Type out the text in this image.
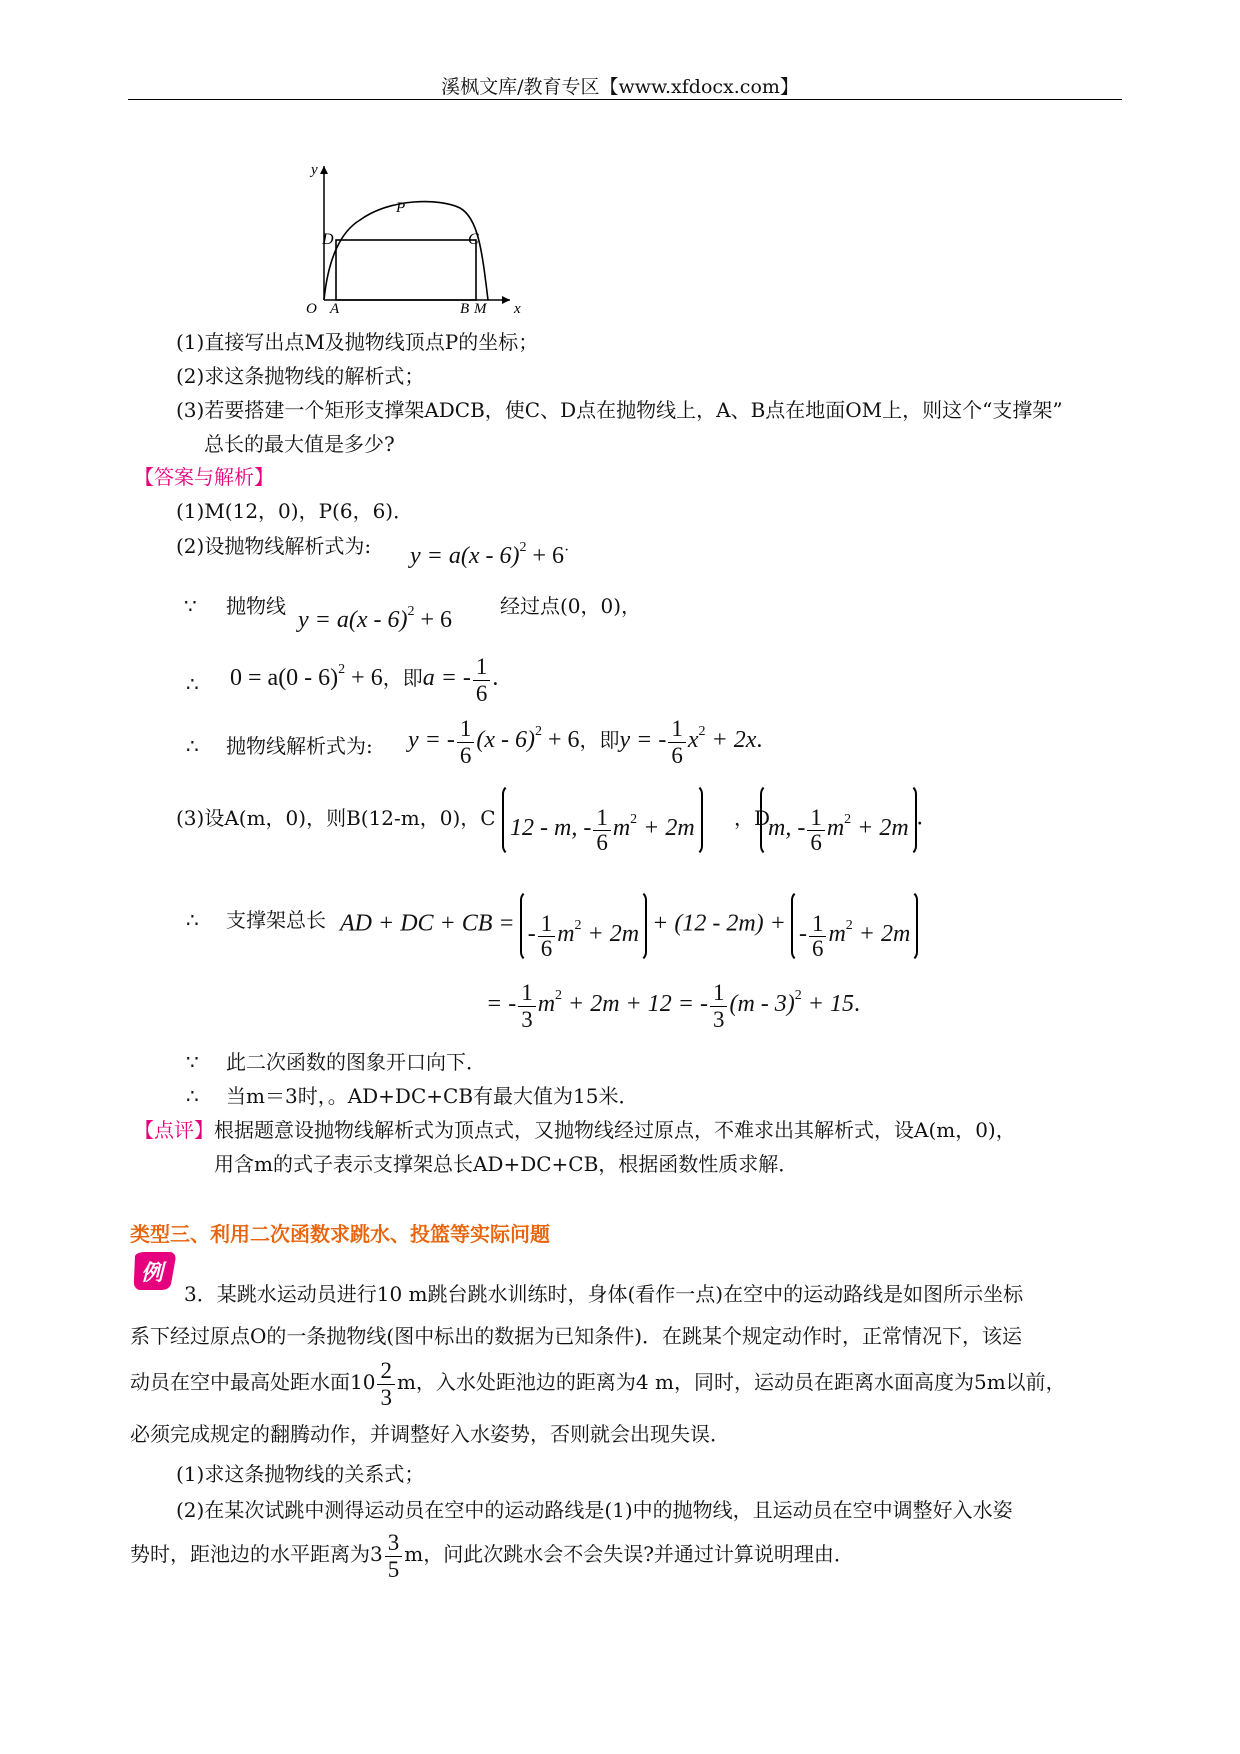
溪枫文库/教育专区【www.xfdocx.com】
y
P
D	C
O A	B M x
(1)直接写出点M及抛物线顶点P的坐标；
(2)求这条抛物线的解析式；
(3)若要搭建一个矩形支撑架ADCB，使C、D点在抛物线上，A、B点在地面OM上，则这个“支撑架”
总长的最大值是多少?
【答案与解析】
(1)M(12，0)，P(6，6)．
(2)设抛物线解析式为: y = a(x - 6)$^2$ + 6·
∵ 抛物线
y = a(x - 6)$^2$ + 6
经过点(0，0)，
∴ 0 = a(0 - 6)$^2$ + 6，即a = - $\frac{1}{6}$ .
∴ 抛物线解析式为: y = - $\frac{1}{6} (x - 6)^2 + 6$，即y = - $\frac{1}{6} x^2 + 2x$.
(3)设A(m，0)，则B(12-m，0)，C 12 - m, - $\frac{1}{6} m^2 + 2m$	，D
m, - $\frac{1}{6} m^2 + 2m$ .
∴ 支撑架总长 AD + DC + CB = - $\frac{1}{6} m^2 + 2m + (12 - 2m)$ + - $\frac{1}{6} m^2 + 2m$
= - $\frac{1}{3} m^2 + 2m + 12$ = - $\frac{1}{3} (m - 3)^2 + 15$.
∵ 此二次函数的图象开口向下．
∴ 当m＝3时，。AD+DC+CB有最大值为15米．
【点评】 根据题意设抛物线解析式为顶点式，又抛物线经过原点，不难求出其解析式，设A(m，0)，
用含m的式子表示支撑架总长AD+DC+CB，根据函数性质求解．
类型三、利用二次函数求跳水、投篮等实际问题
例
3．某跳水运动员进行10 m跳台跳水训练时，身体(看作一点)在空中的运动路线是如图所示坐标
系下经过原点O的一条抛物线(图中标出的数据为已知条件)．在跳某个规定动作时，正常情况下，该运
动员在空中最高处距水面$10 \frac{2}{3}$ m，入水处距池边的距离为4 m，同时，运动员在距离水面高度为5m以前，
必须完成规定的翻腾动作，并调整好入水姿势，否则就会出现失误．
(1)求这条抛物线的关系式；
(2)在某次试跳中测得运动员在空中的运动路线是(1)中的抛物线，且运动员在空中调整好入水姿
势时，距池边的水平距离为$3 \frac{3}{5}$ m，问此次跳水会不会失误?并通过计算说明理由．
